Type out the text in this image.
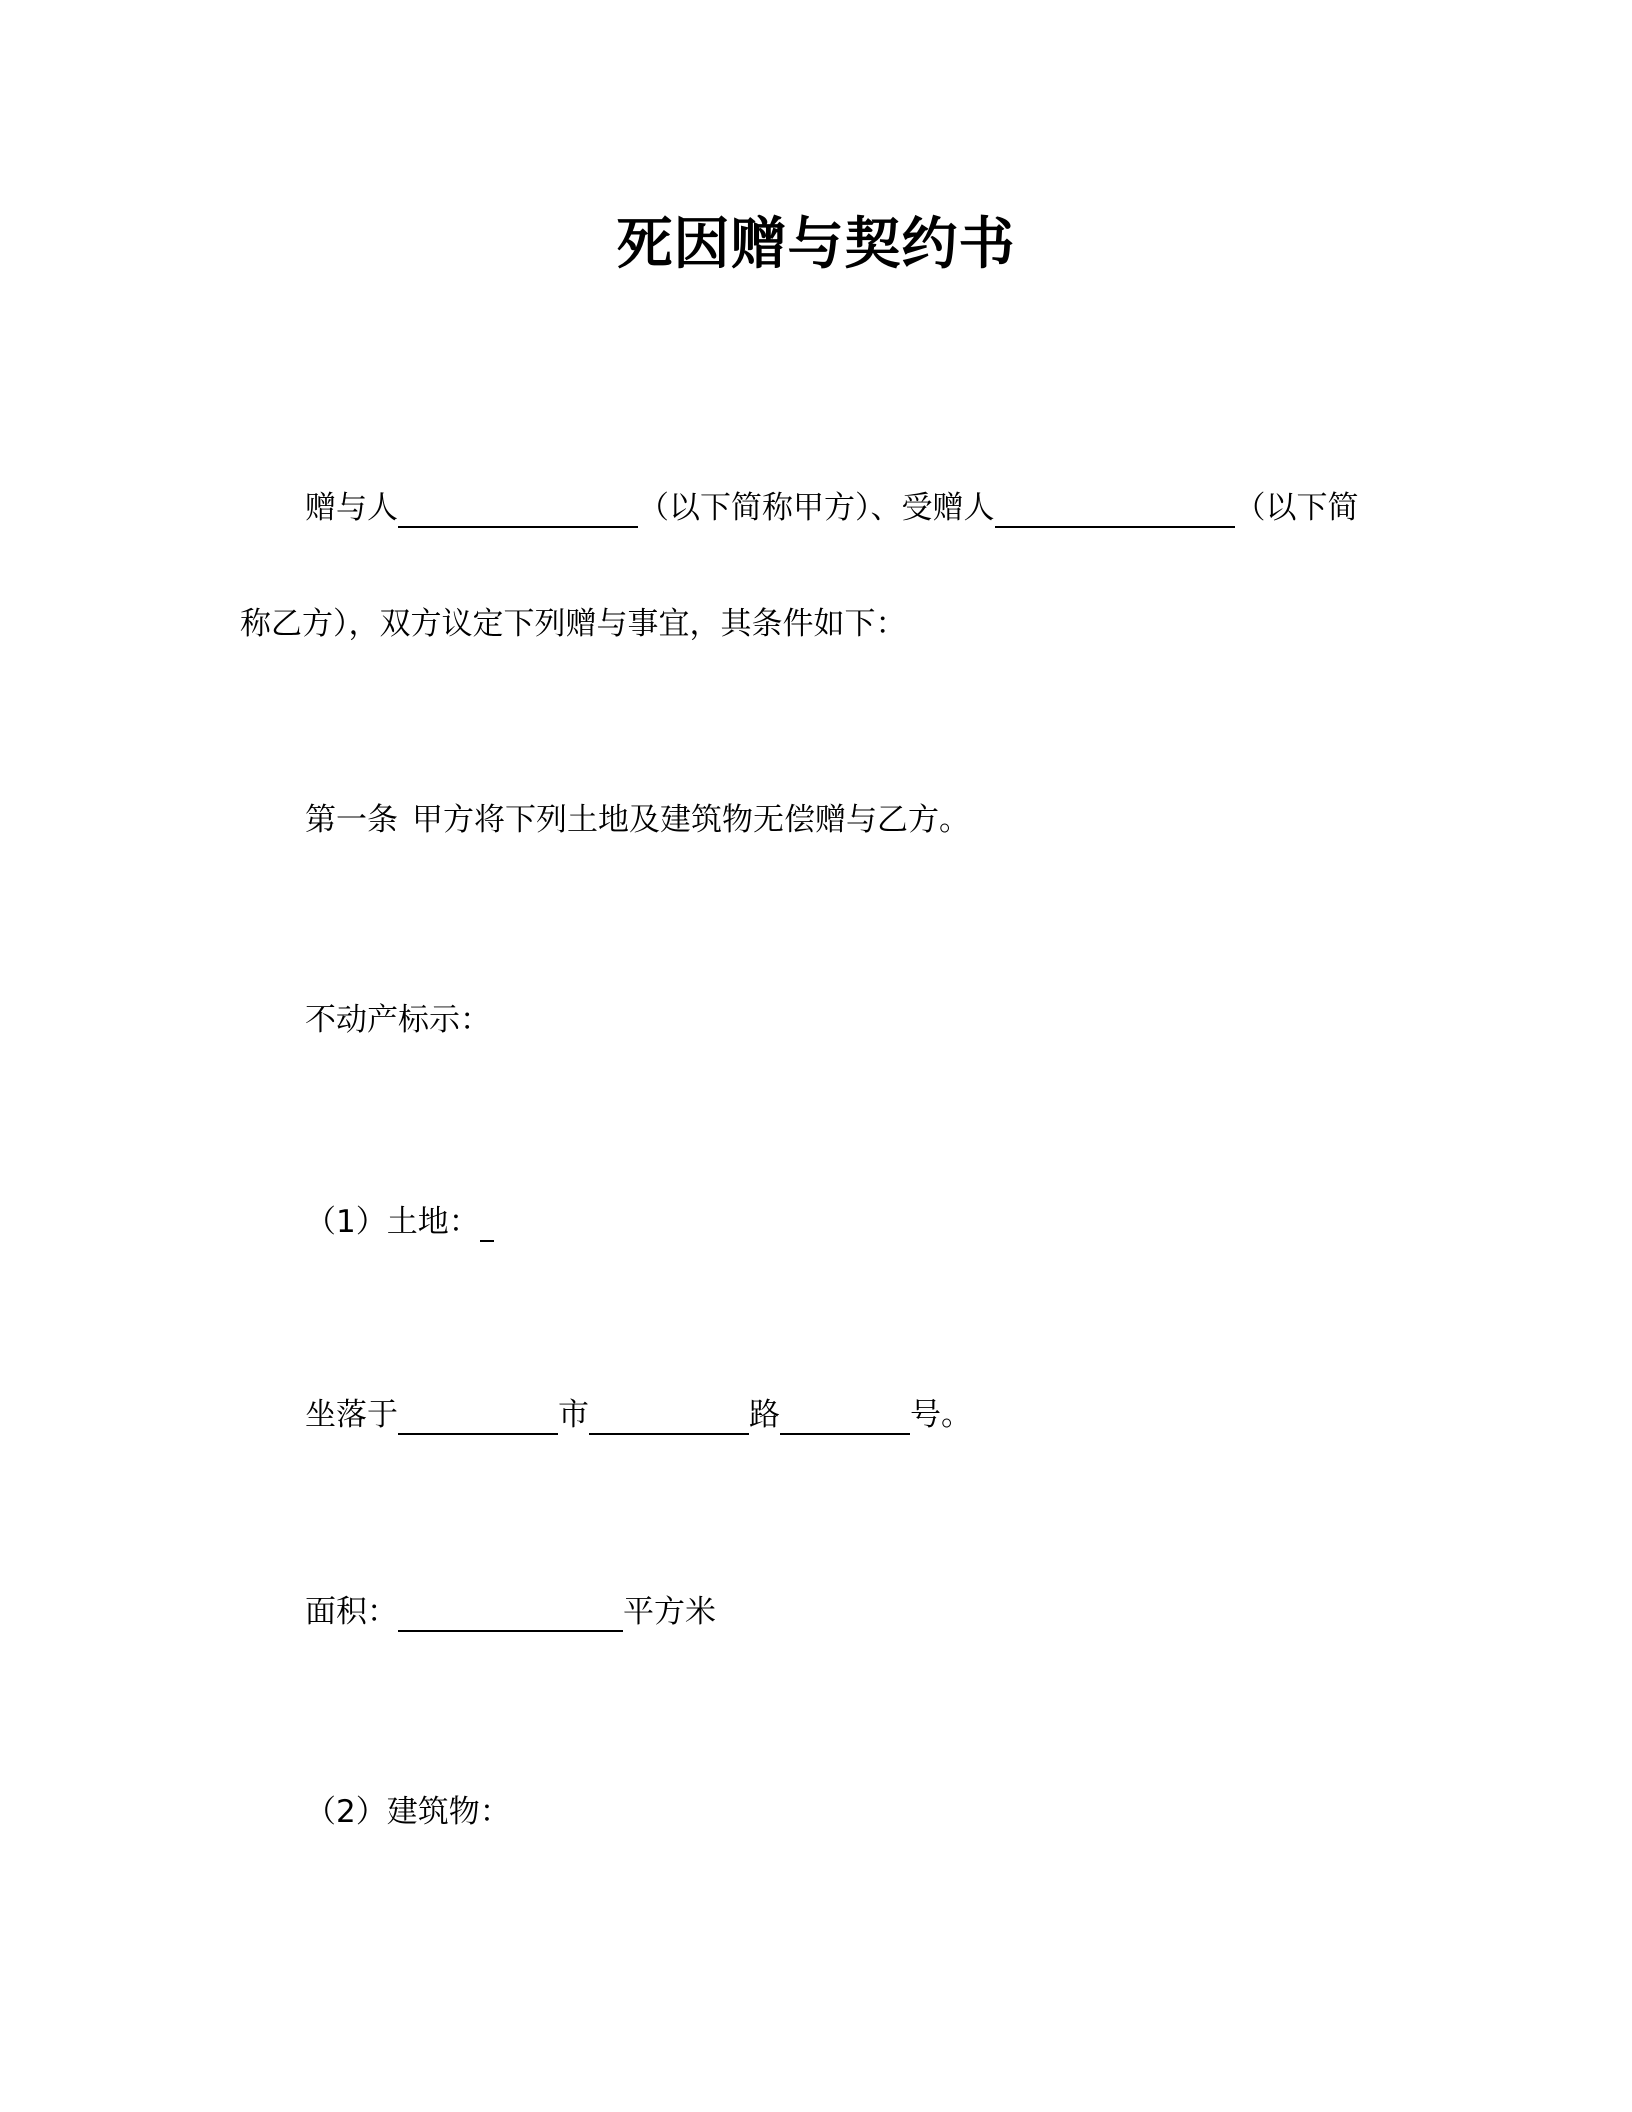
死因赠与契约书
赠与人	（以下简称甲方）、受赠人	（以下简
称乙方），双方议定下列赠与事宜，其条件如下：
第一条 甲方将下列土地及建筑物无偿赠与乙方。
不动产标示：
（1）土地：
坐落于	市	路	号。
面积：	平方米
（2）建筑物：
